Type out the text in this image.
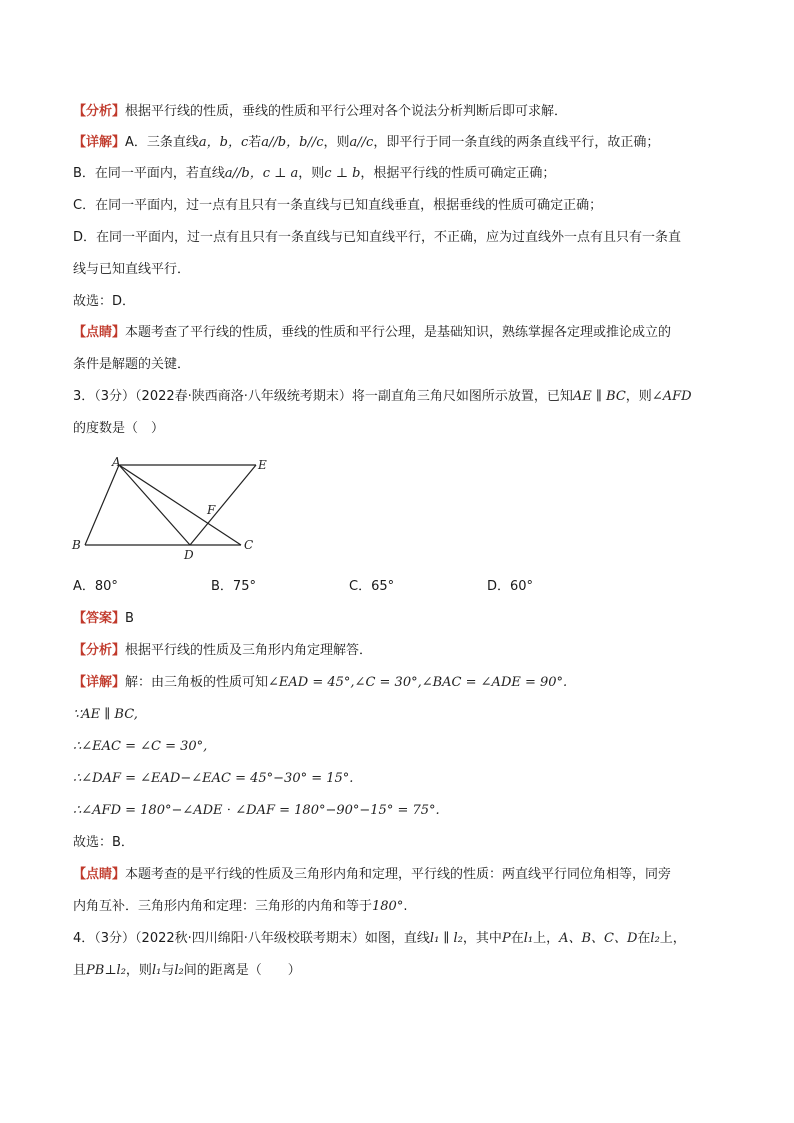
【分析】根据平行线的性质，垂线的性质和平行公理对各个说法分析判断后即可求解．
【详解】A．三条直线a，b，c若a//b，b//c，则a//c，即平行于同一条直线的两条直线平行，故正确；
B．在同一平面内，若直线a//b，c ⊥ a，则c ⊥ b，根据平行线的性质可确定正确；
C．在同一平面内，过一点有且只有一条直线与已知直线垂直，根据垂线的性质可确定正确；
D．在同一平面内，过一点有且只有一条直线与已知直线平行，不正确，应为过直线外一点有且只有一条直
线与已知直线平行．
故选：D．
【点睛】本题考查了平行线的性质，垂线的性质和平行公理，是基础知识，熟练掌握各定理或推论成立的
条件是解题的关键．
3．（3分）（2022春·陕西商洛·八年级统考期末）将一副直角三角尺如图所示放置，已知AE ∥ BC，则∠AFD
的度数是（　）
A	E
F
B
D
C
A．80°	B．75°	C．65°	D．60°
【答案】B
【分析】根据平行线的性质及三角形内角定理解答．
【详解】解：由三角板的性质可知∠EAD = 45°,∠C = 30°,∠BAC = ∠ADE = 90°.
∵AE ∥ BC,
∴∠EAC = ∠C = 30°,
∴∠DAF = ∠EAD−∠EAC = 45°−30° = 15°.
∴∠AFD = 180°−∠ADE ⋅ ∠DAF = 180°−90°−15° = 75°.
故选：B．
【点睛】本题考查的是平行线的性质及三角形内角和定理，平行线的性质：两直线平行同位角相等，同旁
内角互补．三角形内角和定理：三角形的内角和等于180°.
4．（3分）（2022秋·四川绵阳·八年级校联考期末）如图，直线l₁ ∥ l₂，其中P在l₁上，A、B、C、D在l₂上，
且PB⊥l₂，则l₁与l₂间的距离是（　　）
